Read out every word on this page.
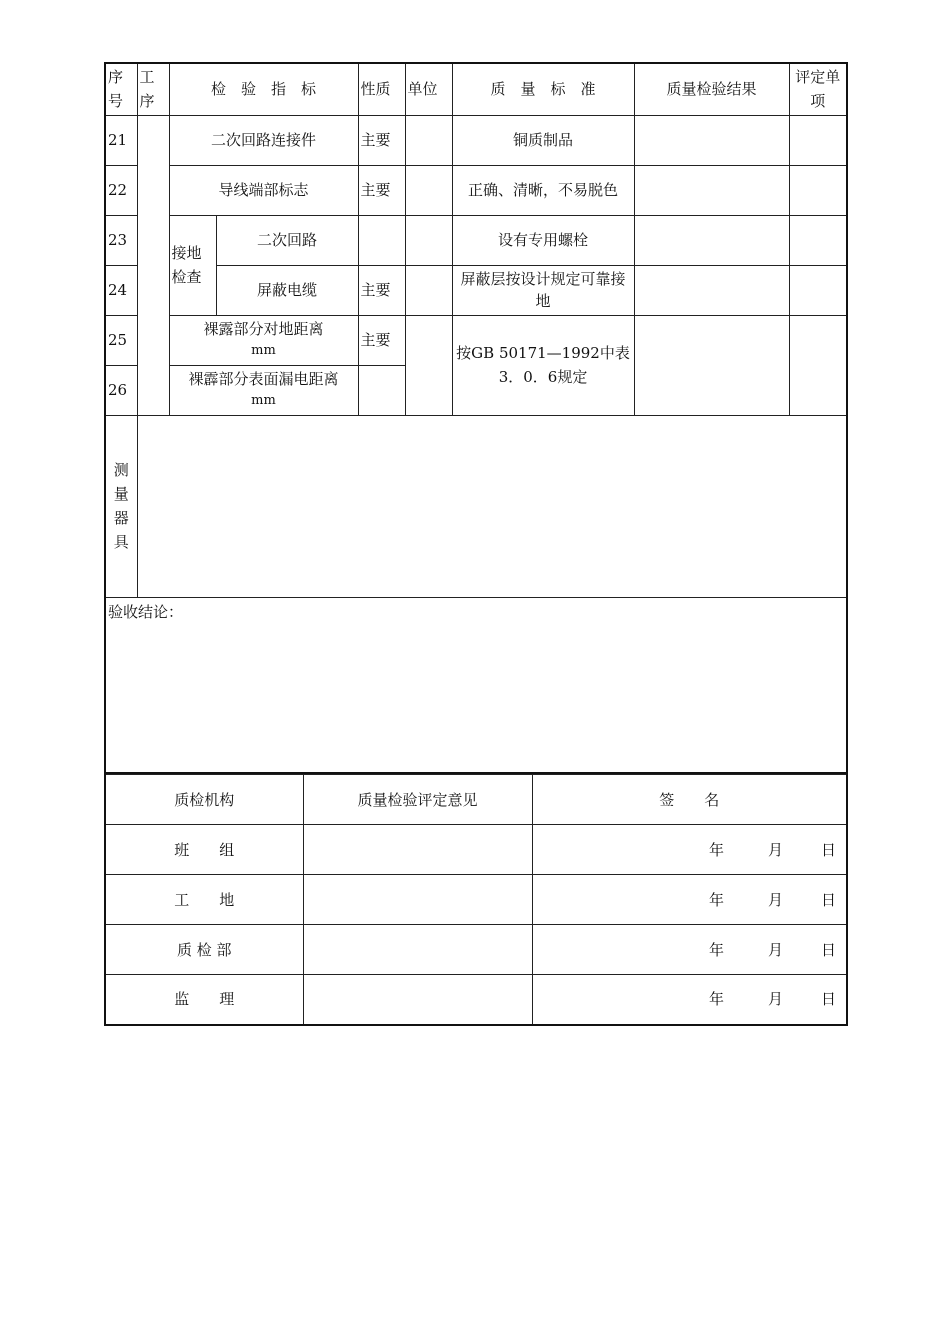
序号	工序	检　验　指　标		性质	单位	质　量　标　准	质量检验结果	评定单项
21		二次回路连接件		主要		铜质制品		
22		导线端部标志		主要		正确、清晰，不易脱色		
23		接地检查	二次回路			设有专用螺栓		
24			屏蔽电缆	主要		屏蔽层按设计规定可靠接地		
25		裸露部分对地距离
mm		主要		按GB 50171—1992中表3．0．6规定		
26		裸霹部分表面漏电距离
mm						

测量器具								

验收结论：								
质检机构	质量检验评定意见	签　　名
班　　组		年 月 日
工　　地		年 月 日
质 检 部		年 月 日
监　　理		年 月 日
